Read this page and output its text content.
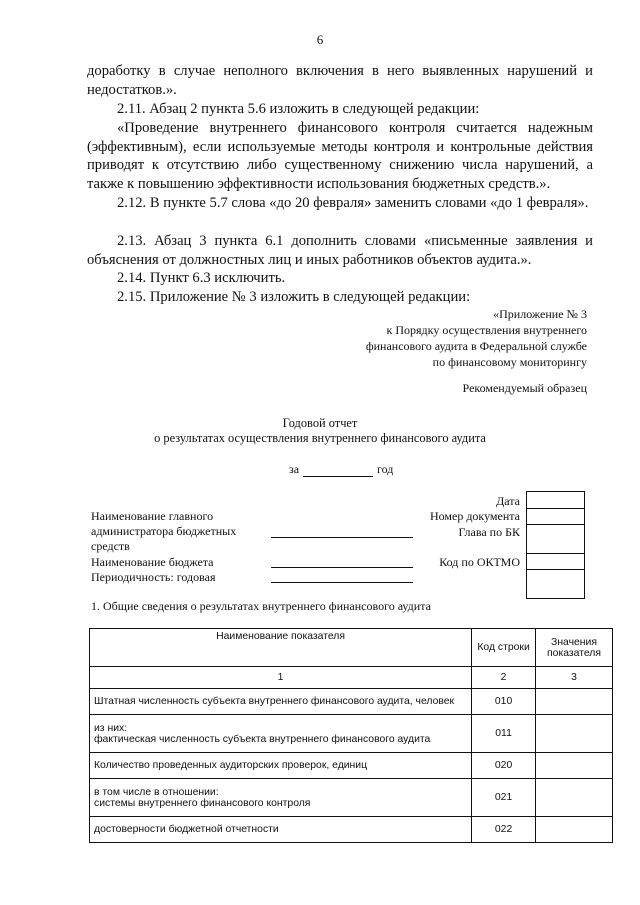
6
доработку в случае неполного включения в него выявленных нарушений и недостатков.».
2.11. Абзац 2 пункта 5.6 изложить в следующей редакции:
«Проведение внутреннего финансового контроля считается надежным (эффективным), если используемые методы контроля и контрольные действия приводят к отсутствию либо существенному снижению числа нарушений, а также к повышению эффективности использования бюджетных средств.».
2.12. В пункте 5.7 слова «до 20 февраля» заменить словами «до 1 февраля».
2.13. Абзац 3 пункта 6.1 дополнить словами «письменные заявления и объяснения от должностных лиц и иных работников объектов аудита.».
2.14. Пункт 6.3 исключить.
2.15. Приложение № 3 изложить в следующей редакции:
«Приложение № 3
к Порядку осуществления внутреннего
финансового аудита в Федеральной службе
по финансовому мониторингу
Рекомендуемый образец
Годовой отчет
о результатах осуществления внутреннего финансового аудита
за	год
Наименование главного
администратора бюджетных
средств
Наименование бюджета
Периодичность: годовая
Дата
Номер документа
Глава по БК
Код по ОКТМО
1. Общие сведения о результатах внутреннего финансового аудита
Наименование показателя	Код строки	Значения показателя
1	2	3
Штатная численность субъекта внутреннего финансового аудита, человек	010	

из них:
фактическая численность субъекта внутреннего финансового аудита	011	
Количество проведенных аудиторских проверок, единиц	020	

в том числе в отношении:
системы внутреннего финансового контроля	021	
достоверности бюджетной отчетности	022	
